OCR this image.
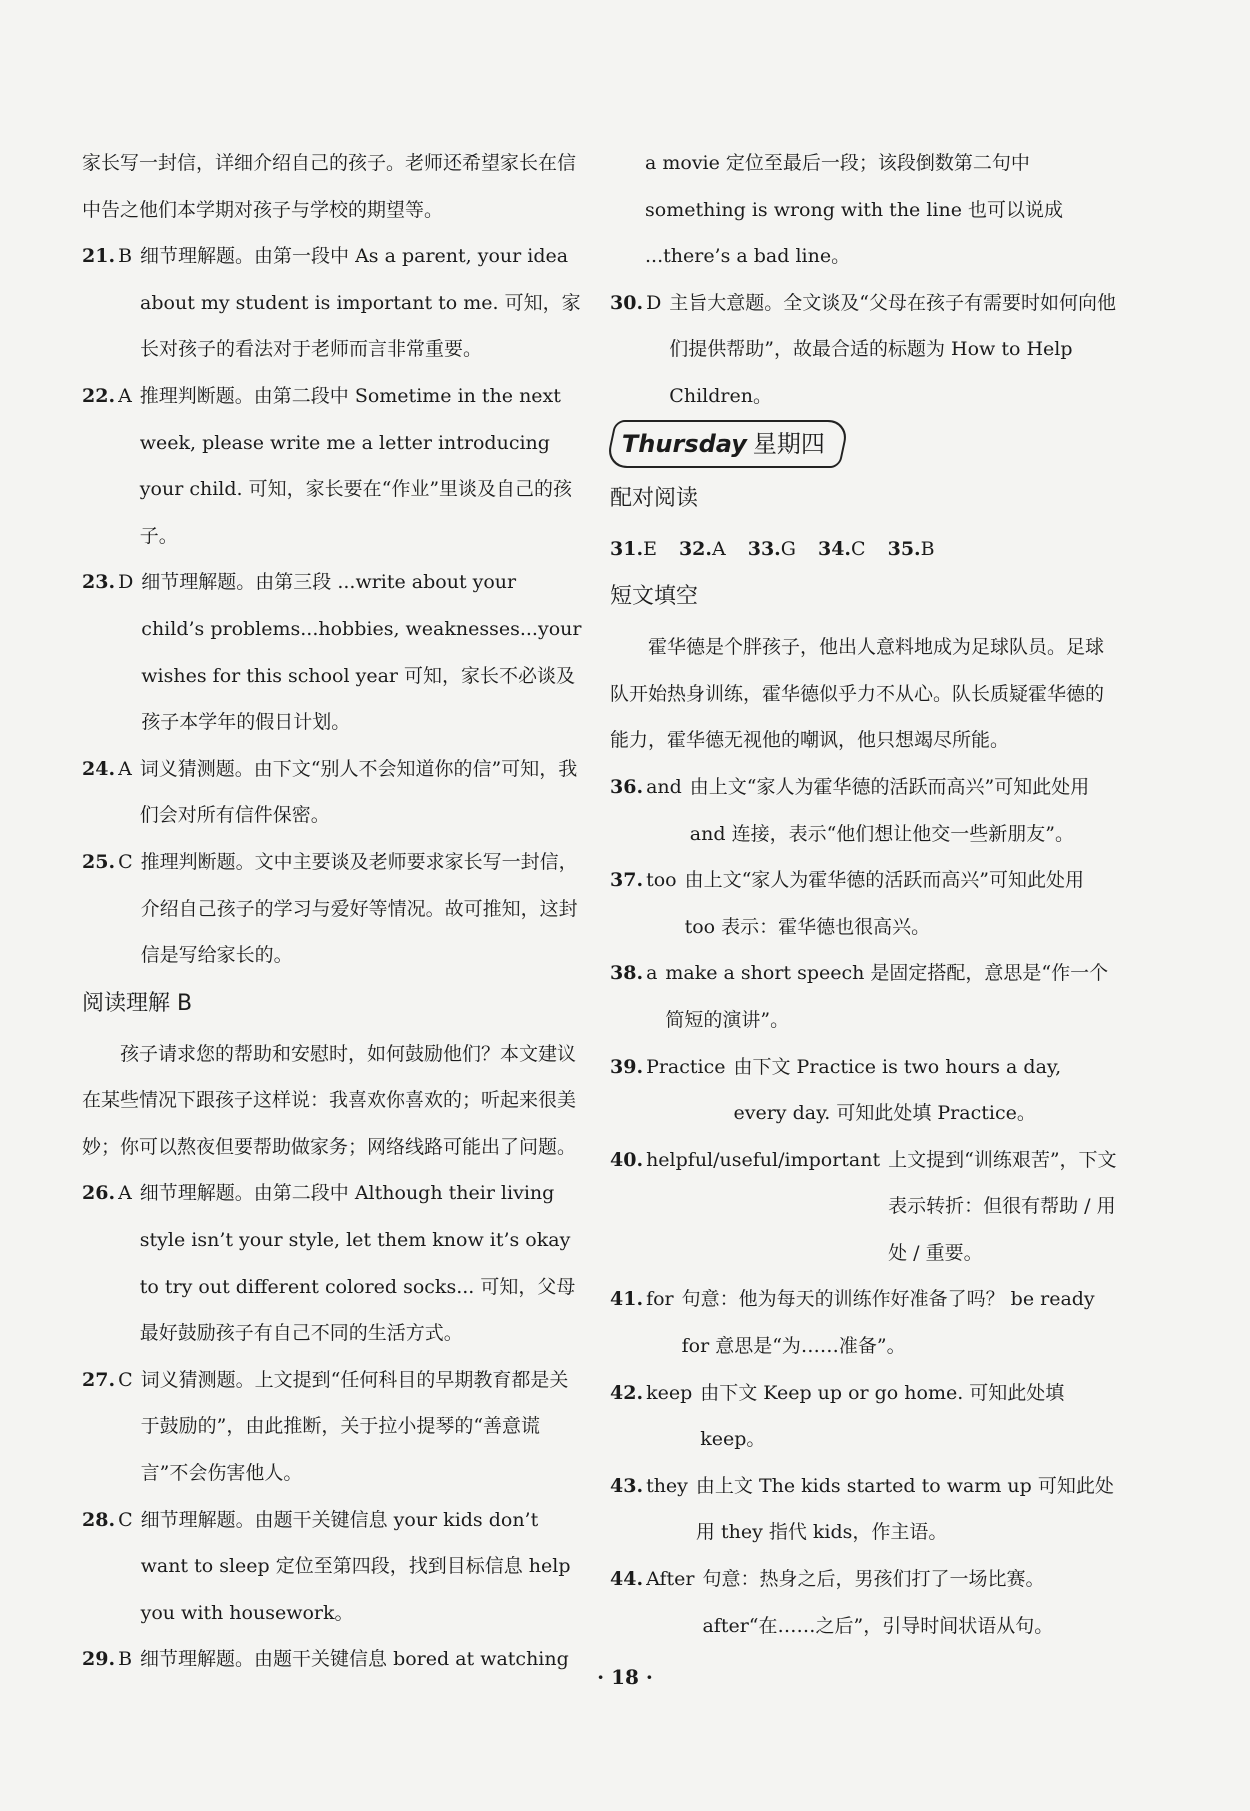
家长写一封信，详细介绍自己的孩子。老师还希望家长在信中告之他们本学期对孩子与学校的期望等。

21. B 细节理解题。由第一段中 As a parent, your idea about my student is important to me. 可知，家长对孩子的看法对于老师而言非常重要。
22. A 推理判断题。由第二段中 Sometime in the next week, please write me a letter introducing your child. 可知，家长要在“作业”里谈及自己的孩子。
23. D 细节理解题。由第三段 ...write about your child’s problems...hobbies, weaknesses...your wishes for this school year 可知，家长不必谈及孩子本学年的假日计划。
24. A 词义猜测题。由下文“别人不会知道你的信”可知，我们会对所有信件保密。
25. C 推理判断题。文中主要谈及老师要求家长写一封信，介绍自己孩子的学习与爱好等情况。故可推知，这封信是写给家长的。
阅读理解 B

孩子请求您的帮助和安慰时，如何鼓励他们？本文建议在某些情况下跟孩子这样说：我喜欢你喜欢的；听起来很美妙；你可以熬夜但要帮助做家务；网络线路可能出了问题。

26. A 细节理解题。由第二段中 Although their living style isn’t your style, let them know it’s okay to try out different colored socks... 可知，父母最好鼓励孩子有自己不同的生活方式。
27. C 词义猜测题。上文提到“任何科目的早期教育都是关于鼓励的”，由此推断，关于拉小提琴的“善意谎言”不会伤害他人。
28. C 细节理解题。由题干关键信息 your kids don’t want to sleep 定位至第四段，找到目标信息 help you with housework。
29. B 细节理解题。由题干关键信息 bored at watching

a movie 定位至最后一段；该段倒数第二句中 something is wrong with the line 也可以说成 ...there’s a bad line。

30. D 主旨大意题。全文谈及“父母在孩子有需要时如何向他们提供帮助”，故最合适的标题为 How to Help Children。
Thursday 星期四
配对阅读
31.E 32.A 33.G 34.C 35.B
短文填空

霍华德是个胖孩子，他出人意料地成为足球队员。足球队开始热身训练，霍华德似乎力不从心。队长质疑霍华德的能力，霍华德无视他的嘲讽，他只想竭尽所能。

36. and 由上文“家人为霍华德的活跃而高兴”可知此处用 and 连接，表示“他们想让他交一些新朋友”。
37. too 由上文“家人为霍华德的活跃而高兴”可知此处用 too 表示：霍华德也很高兴。
38. a make a short speech 是固定搭配，意思是“作一个简短的演讲”。
39. Practice 由下文 Practice is two hours a day, every day. 可知此处填 Practice。
40. helpful/useful/important 上文提到“训练艰苦”，下文表示转折：但很有帮助 / 用处 / 重要。
41. for 句意：他为每天的训练作好准备了吗？ be ready for 意思是“为……准备”。
42. keep 由下文 Keep up or go home. 可知此处填 keep。
43. they 由上文 The kids started to warm up 可知此处用 they 指代 kids，作主语。
44. After 句意：热身之后，男孩们打了一场比赛。after“在……之后”，引导时间状语从句。
· 18 ·
